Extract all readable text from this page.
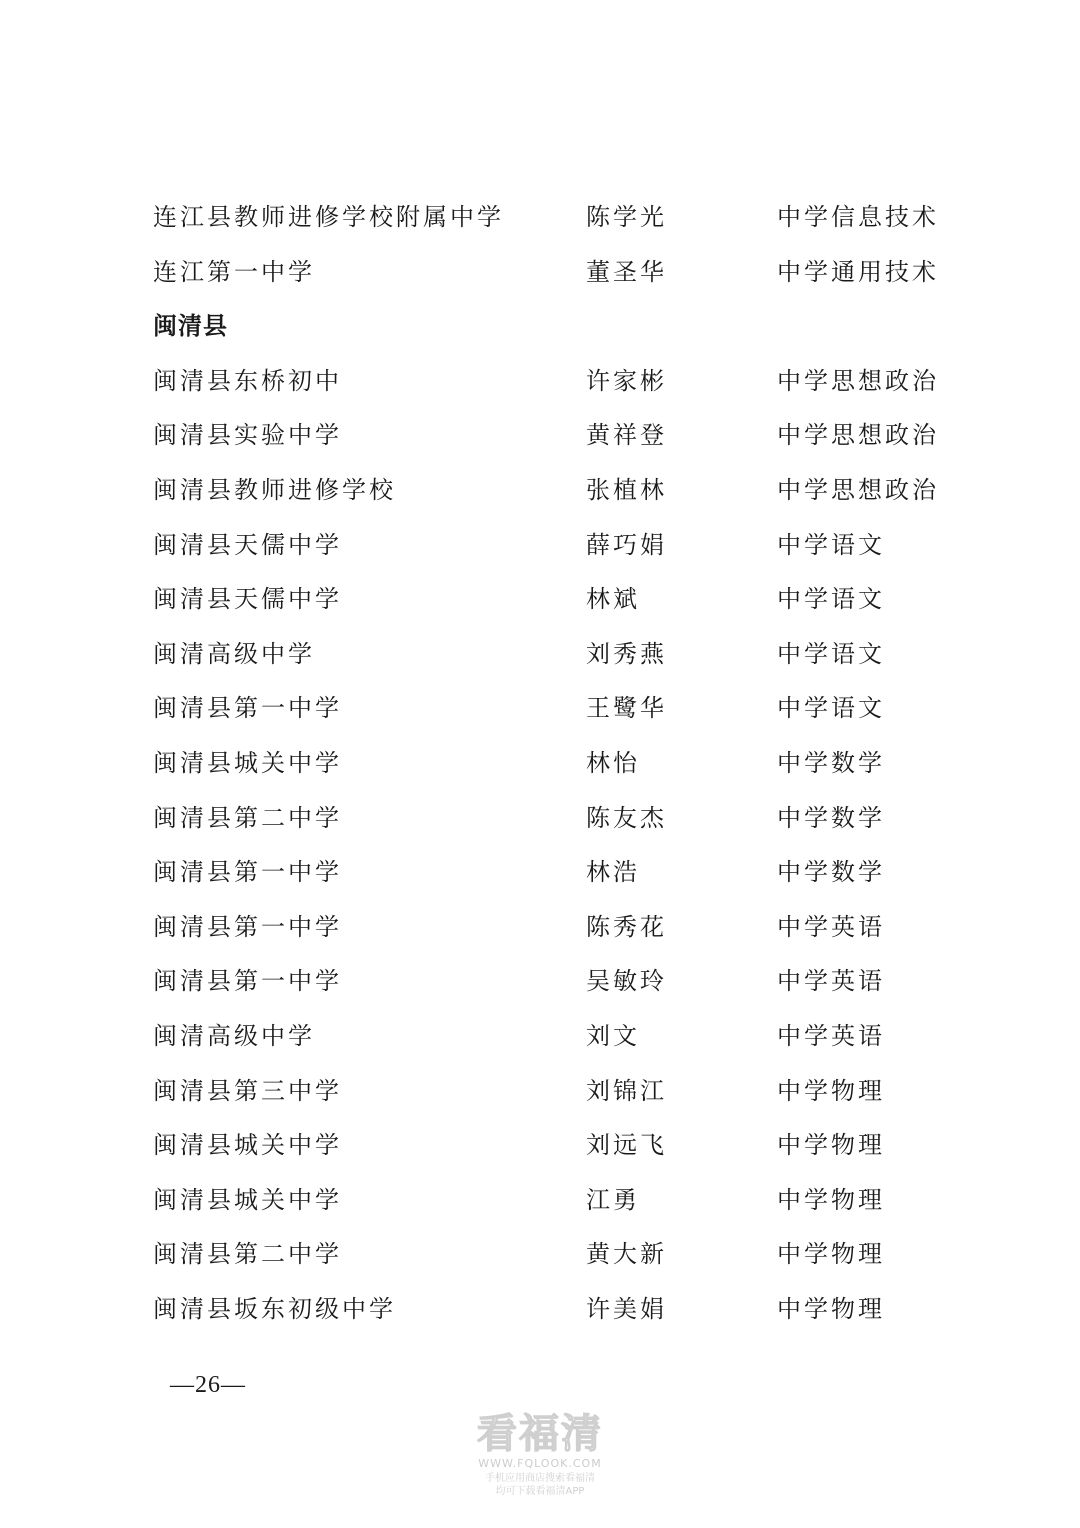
连江县教师进修学校附属中学	陈学光	中学信息技术
连江第一中学	董圣华	中学通用技术
闽清县
闽清县东桥初中	许家彬	中学思想政治
闽清县实验中学	黄祥登	中学思想政治
闽清县教师进修学校	张植林	中学思想政治
闽清县天儒中学	薛巧娟	中学语文
闽清县天儒中学	林斌	中学语文
闽清高级中学	刘秀燕	中学语文
闽清县第一中学	王鹭华	中学语文
闽清县城关中学	林怡	中学数学
闽清县第二中学	陈友杰	中学数学
闽清县第一中学	林浩	中学数学
闽清县第一中学	陈秀花	中学英语
闽清县第一中学	吴敏玲	中学英语
闽清高级中学	刘文	中学英语
闽清县第三中学	刘锦江	中学物理
闽清县城关中学	刘远飞	中学物理
闽清县城关中学	江勇	中学物理
闽清县第二中学	黄大新	中学物理
闽清县坂东初级中学	许美娟	中学物理
—26—
看福清
WWW.FQLOOK.COM
手机应用商店搜索看福清
均可下载看福清APP
